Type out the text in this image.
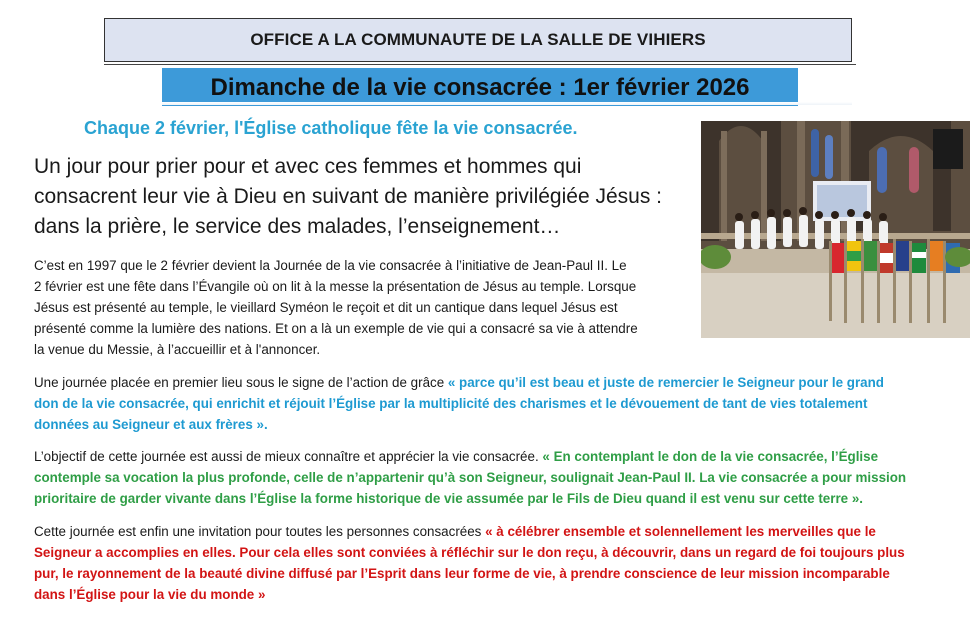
OFFICE A LA COMMUNAUTE DE LA SALLE DE VIHIERS
Dimanche de la vie consacrée : 1er février 2026
Chaque 2 février, l'Église catholique fête la vie consacrée.
Un jour pour prier pour et avec ces femmes et hommes qui
consacrent leur vie à Dieu en suivant de manière privilégiée Jésus :
dans la prière, le service des malades, l’enseignement…
C’est en 1997 que le 2 février devient la Journée de la vie consacrée à l’initiative de Jean-Paul II. Le
2 février est une fête dans l’Évangile où on lit à la messe la présentation de Jésus au temple. Lorsque
Jésus est présenté au temple, le vieillard Syméon le reçoit et dit un cantique dans lequel Jésus est
présenté comme la lumière des nations. Et on a là un exemple de vie qui a consacré sa vie à attendre
la venue du Messie, à l’accueillir et à l'annoncer.
Une journée placée en premier lieu sous le signe de l’action de grâce « parce qu’il est beau et juste de remercier le Seigneur pour le grand
don de la vie consacrée, qui enrichit et réjouit l’Église par la multiplicité des charismes et le dévouement de tant de vies totalement
données au Seigneur et aux frères ».
L’objectif de cette journée est aussi de mieux connaître et apprécier la vie consacrée. « En contemplant le don de la vie consacrée, l’Église
contemple sa vocation la plus profonde, celle de n’appartenir qu’à son Seigneur, soulignait Jean-Paul II. La vie consacrée a pour mission
prioritaire de garder vivante dans l’Église la forme historique de vie assumée par le Fils de Dieu quand il est venu sur cette terre ».
Cette journée est enfin une invitation pour toutes les personnes consacrées « à célébrer ensemble et solennellement les merveilles que le
Seigneur a accomplies en elles. Pour cela elles sont conviées à réfléchir sur le don reçu, à découvrir, dans un regard de foi toujours plus
pur, le rayonnement de la beauté divine diffusé par l’Esprit dans leur forme de vie, à prendre conscience de leur mission incomparable
dans l’Église pour la vie du monde »
